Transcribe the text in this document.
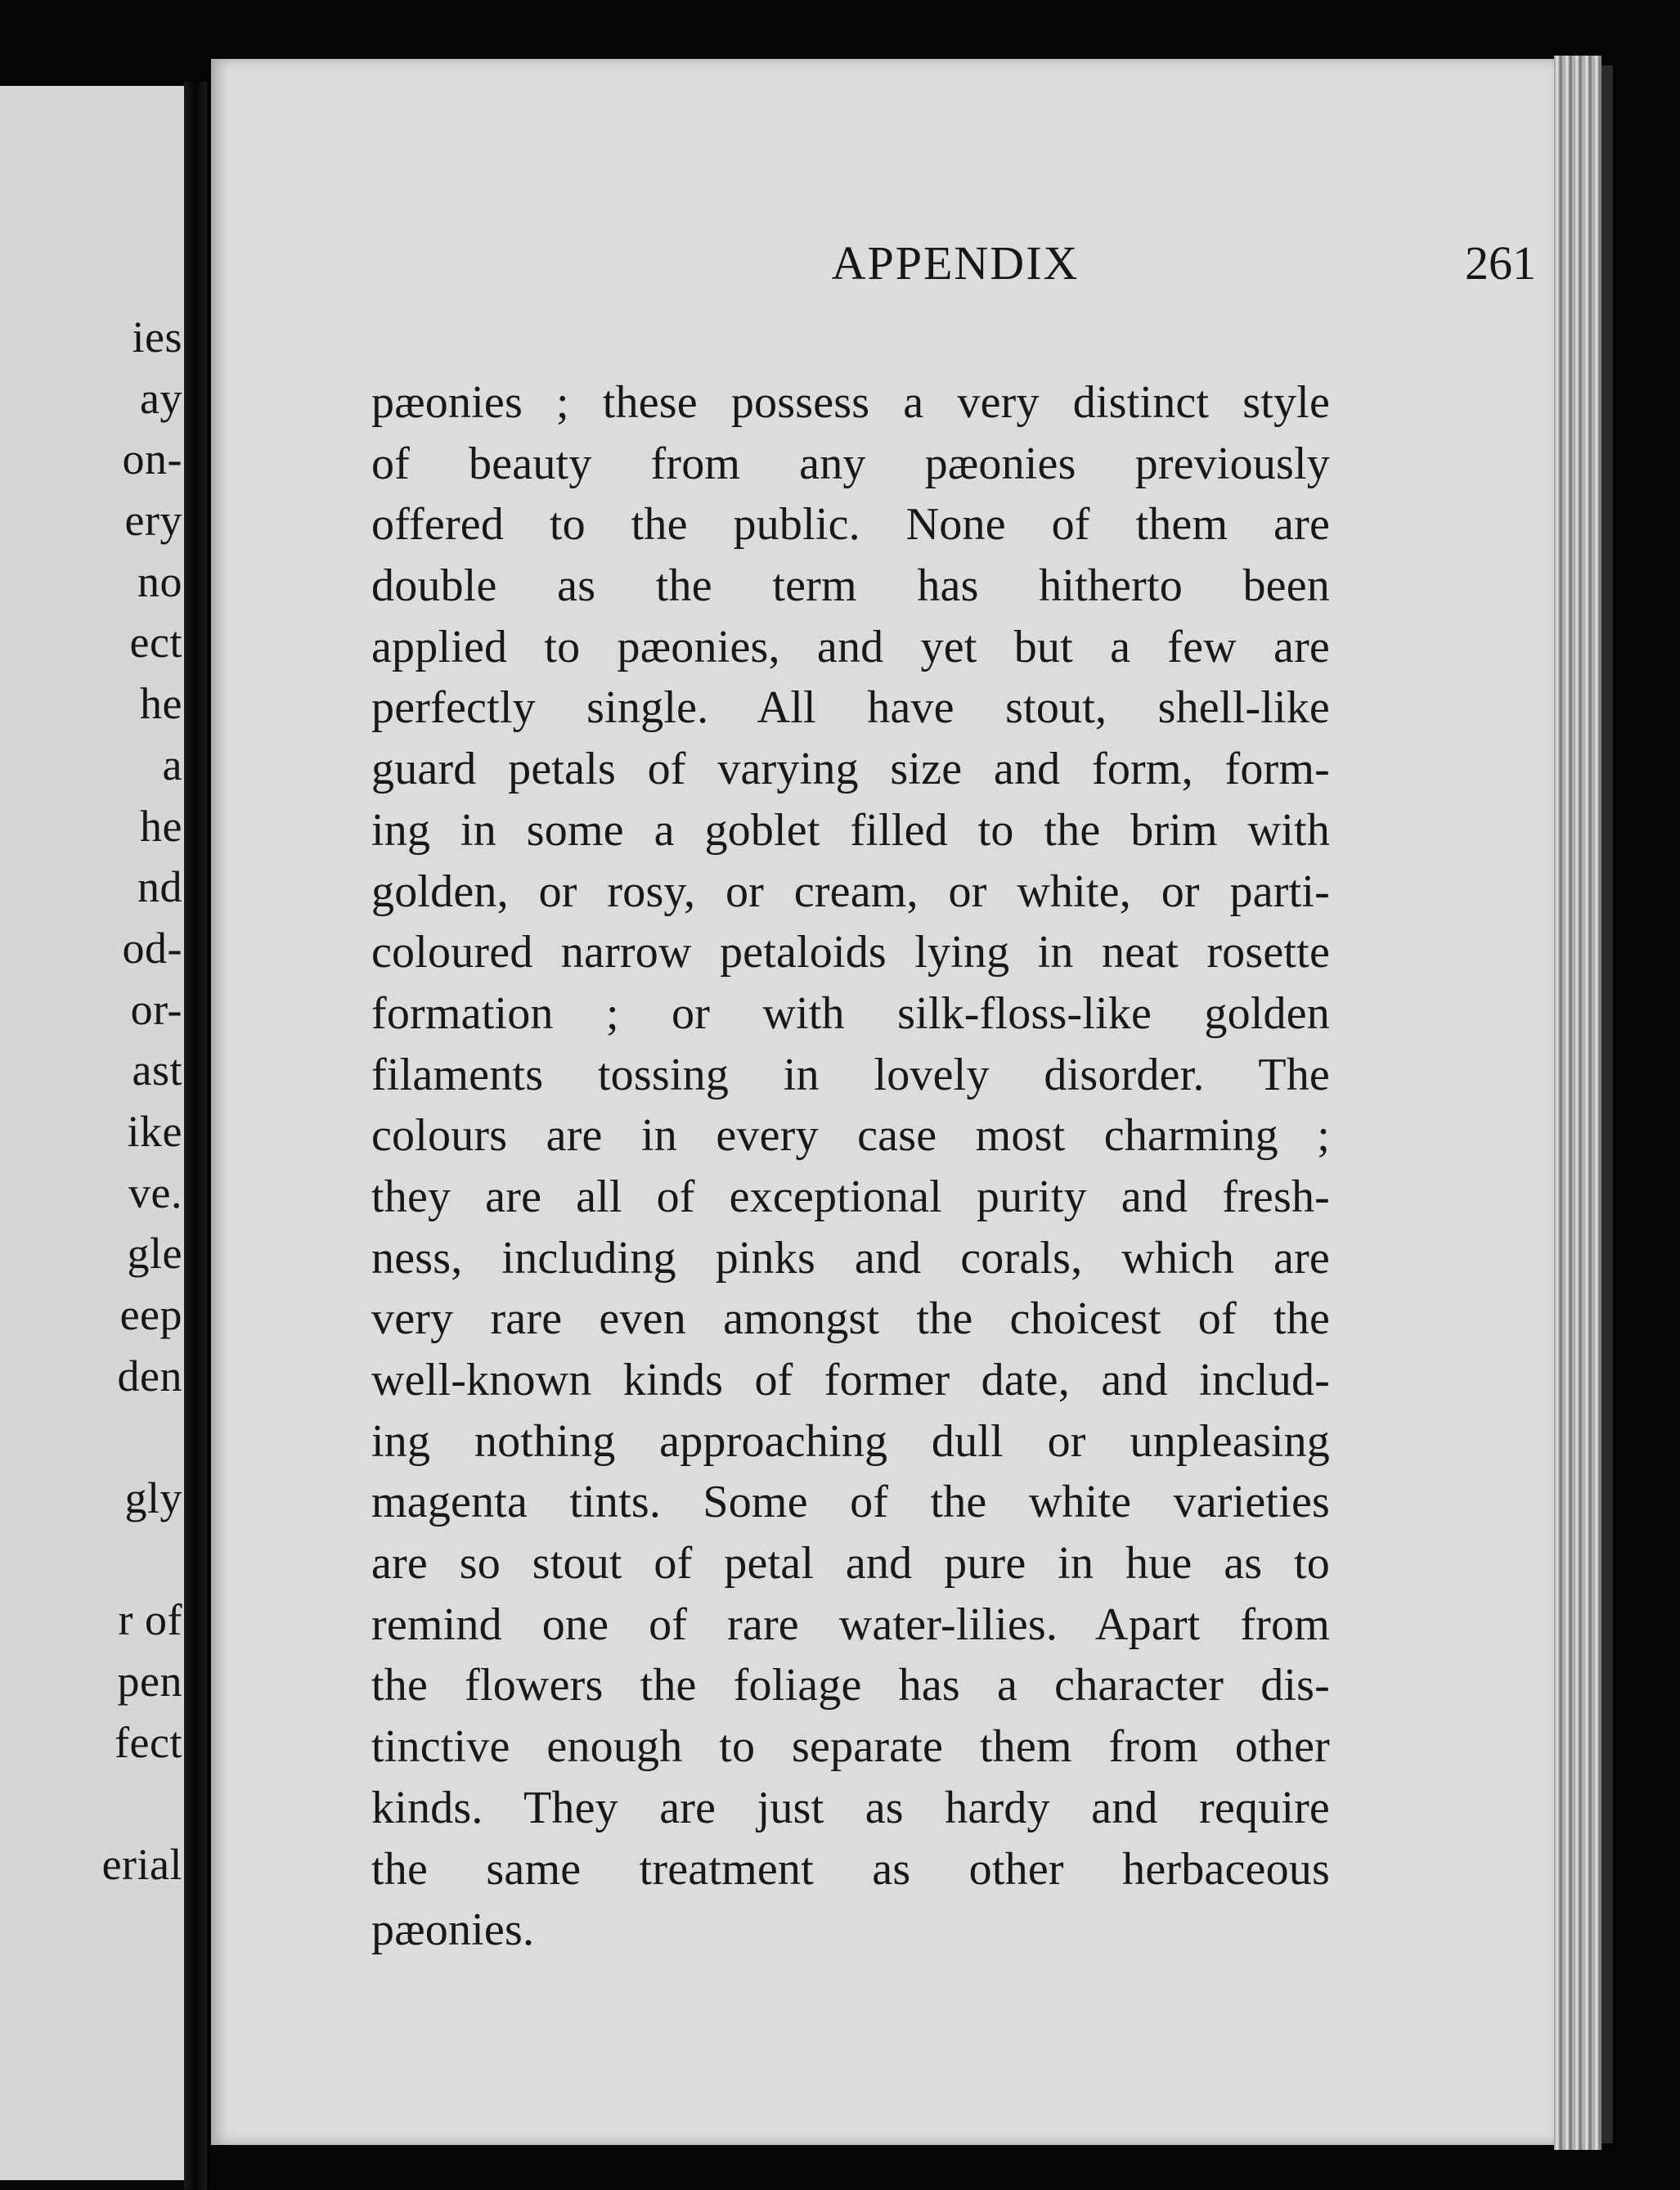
ies
ay
on-
ery
no
ect
he
a
he
nd
od-
or-
ast
ike
ve.
gle
eep
den
gly
r of
pen
fect
erial
APPENDIX	261
pæonies ; these possess a very distinct style
of beauty from any pæonies previously
offered to the public. None of them are
double as the term has hitherto been
applied to pæonies, and yet but a few are
perfectly single. All have stout, shell-like
guard petals of varying size and form, form-
ing in some a goblet filled to the brim with
golden, or rosy, or cream, or white, or parti-
coloured narrow petaloids lying in neat rosette
formation ; or with silk-floss-like golden
filaments tossing in lovely disorder. The
colours are in every case most charming ;
they are all of exceptional purity and fresh-
ness, including pinks and corals, which are
very rare even amongst the choicest of the
well-known kinds of former date, and includ-
ing nothing approaching dull or unpleasing
magenta tints. Some of the white varieties
are so stout of petal and pure in hue as to
remind one of rare water-lilies. Apart from
the flowers the foliage has a character dis-
tinctive enough to separate them from other
kinds. They are just as hardy and require
the same treatment as other herbaceous
pæonies.
